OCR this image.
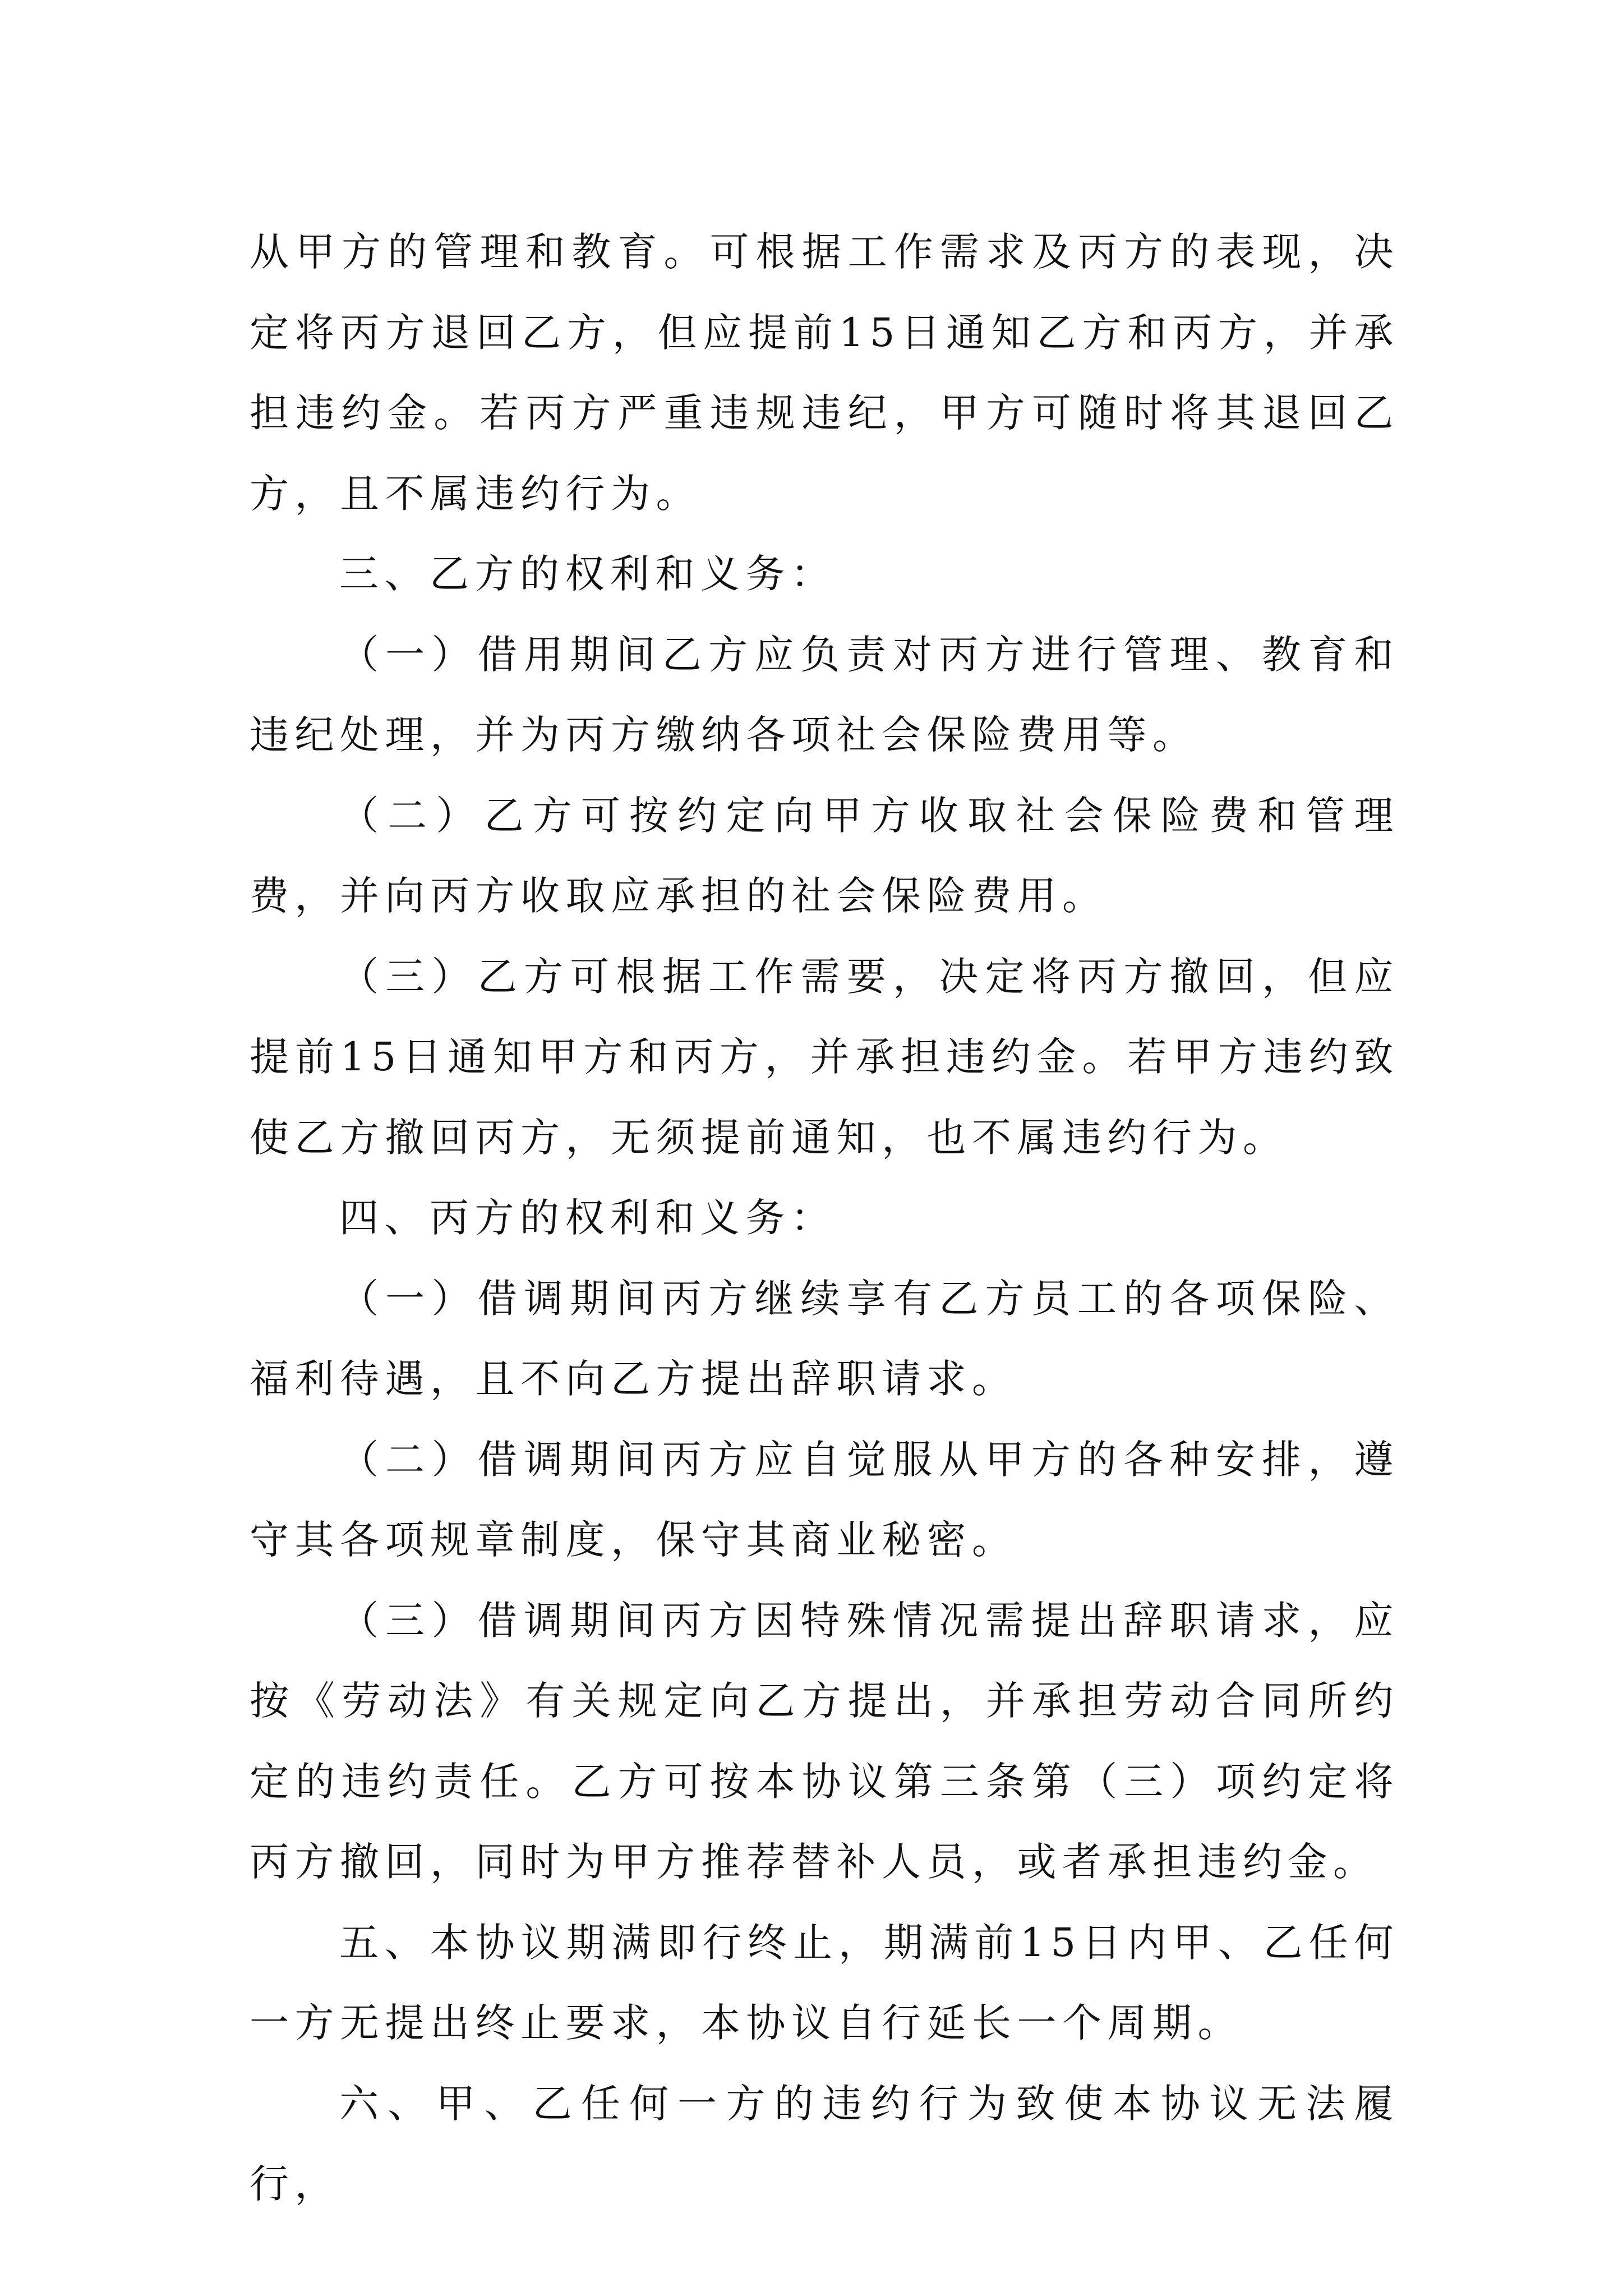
从甲方的管理和教育。可根据工作需求及丙方的表现，决定将丙方退回乙方，但应提前15日通知乙方和丙方，并承担违约金。若丙方严重违规违纪，甲方可随时将其退回乙方，且不属违约行为。

三、乙方的权利和义务：

（一）借用期间乙方应负责对丙方进行管理、教育和违纪处理，并为丙方缴纳各项社会保险费用等。

（二）乙方可按约定向甲方收取社会保险费和管理费，并向丙方收取应承担的社会保险费用。

（三）乙方可根据工作需要，决定将丙方撤回，但应提前15日通知甲方和丙方，并承担违约金。若甲方违约致使乙方撤回丙方，无须提前通知，也不属违约行为。

四、丙方的权利和义务：

（一）借调期间丙方继续享有乙方员工的各项保险、福利待遇，且不向乙方提出辞职请求。

（二）借调期间丙方应自觉服从甲方的各种安排，遵守其各项规章制度，保守其商业秘密。

（三）借调期间丙方因特殊情况需提出辞职请求，应按《劳动法》有关规定向乙方提出，并承担劳动合同所约定的违约责任。乙方可按本协议第三条第（三）项约定将丙方撤回，同时为甲方推荐替补人员，或者承担违约金。

五、本协议期满即行终止，期满前15日内甲、乙任何一方无提出终止要求，本协议自行延长一个周期。

六、甲、乙任何一方的违约行为致使本协议无法履行，
